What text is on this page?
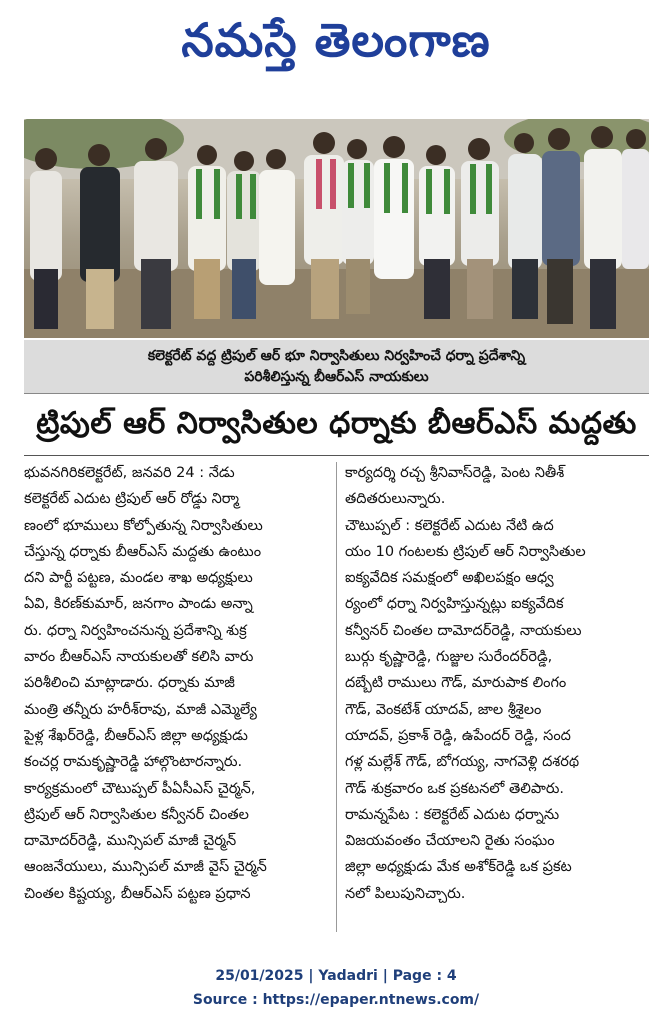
నమస్తే తెలంగాణ

కలెక్టరేట్ వద్ద ట్రిపుల్ ఆర్ భూ నిర్వాసితులు నిర్వహించే ధర్నా ప్రదేశాన్ని

పరిశీలిస్తున్న బీఆర్ఎస్ నాయకులు

ట్రిపుల్ ఆర్ నిర్వాసితుల ధర్నాకు బీఆర్ఎస్ మద్దతు
భువనగిరికలెక్టరేట్, జనవరి 24 : నేడు
కలెక్టరేట్ ఎదుట ట్రిపుల్ ఆర్ రోడ్డు నిర్మా
ణంలో భూములు కోల్పోతున్న నిర్వాసితులు
చేస్తున్న ధర్నాకు బీఆర్ఎస్ మద్దతు ఉంటుం
దని పార్టీ పట్టణ, మండల శాఖ అధ్యక్షులు
ఏవి, కిరణ్‌కుమార్, జనగాం పాండు అన్నా
రు. ధర్నా నిర్వహించనున్న ప్రదేశాన్ని శుక్ర
వారం బీఆర్ఎస్ నాయకులతో కలిసి వారు
పరిశీలించి మాట్లాడారు. ధర్నాకు మాజీ
మంత్రి తన్నీరు హరీశ్‌రావు, మాజీ ఎమ్మెల్యే
పైళ్ల శేఖర్‌రెడ్డి, బీఆర్ఎస్ జిల్లా అధ్యక్షుడు
కంచర్ల రామకృష్ణారెడ్డి హాల్గొంటారన్నారు.
కార్యక్రమంలో చౌటుప్పల్ పీఏసీఎస్ చైర్మన్,
ట్రిపుల్ ఆర్ నిర్వాసితుల కన్వీనర్ చింతల
దామోదర్‌రెడ్డి, మున్సిపల్ మాజీ చైర్మన్
ఆంజనేయులు, మున్సిపల్ మాజీ వైస్ చైర్మన్
చింతల కిష్టయ్య, బీఆర్ఎస్ పట్టణ ప్రధాన
కార్యదర్శి రచ్చ శ్రీనివాస్‌రెడ్డి, పెంట నితీశ్
తదితరులున్నారు.
చౌటుప్పల్ : కలెక్టరేట్ ఎదుట నేటి ఉద
యం 10 గంటలకు ట్రిపుల్ ఆర్ నిర్వాసితుల
ఐక్యవేదిక సమక్షంలో అఖిలపక్షం ఆధ్వ
ర్యంలో ధర్నా నిర్వహిస్తున్నట్లు ఐక్యవేదిక
కన్వీనర్ చింతల దామోదర్‌రెడ్డి, నాయకులు
బుర్గు కృష్ణారెడ్డి, గుజ్జుల సురేందర్‌రెడ్డి,
దబ్బేటి రాములు గౌడ్, మారుపాక లింగం
గౌడ్, వెంకటేశ్ యాదవ్, జాల శ్రీశైలం
యాదవ్, ప్రకాశ్ రెడ్డి, ఉపేందర్ రెడ్డి, సంద
గళ్ల మల్లేశ్ గౌడ్, బోగయ్య, నాగవెళ్లి దశరథ
గౌడ్ శుక్రవారం ఒక ప్రకటనలో తెలిపారు.
రామన్నపేట : కలెక్టరేట్ ఎదుట ధర్నాను
విజయవంతం చేయాలని రైతు సంఘం
జిల్లా అధ్యక్షుడు మేక అశోక్‌రెడ్డి ఒక ప్రకట
నలో పిలుపునిచ్చారు.
25/01/2025 | Yadadri | Page : 4
Source : https://epaper.ntnews.com/
